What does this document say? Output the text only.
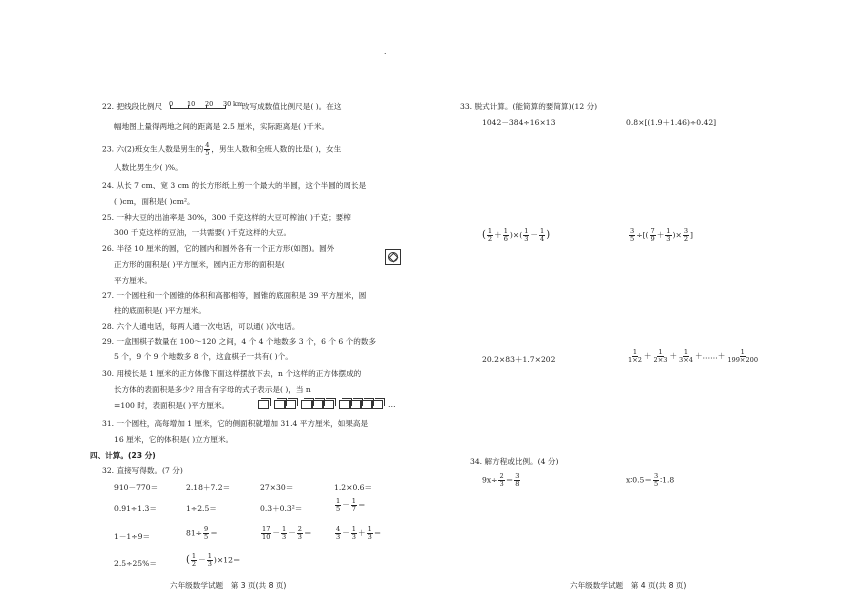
.
22. 把线段比例尺 0	10	20	30 km
改写成数值比例尺是( )。在这
幅地图上量得两地之间的距离是 2.5 厘米，实际距离是( )千米。
23. 六(2)班女生人数是男生的 $\frac{4}{5}$ ，男生人数和全班人数的比是( )，女生
人数比男生少( )%。
24. 从长 7 cm、宽 3 cm 的长方形纸上剪一个最大的半圆，这个半圆的周长是
( )cm，面积是( )cm²。
25. 一种大豆的出油率是 30%，300 千克这样的大豆可榨油( )千克；要榨
300 千克这样的豆油，一共需要( )千克这样的大豆。
26. 半径 10 厘米的圆，它的圆内和圆外各有一个正方形(如图)。圆外
正方形的面积是( )平方厘米，圆内正方形的面积是(
平方厘米。
27. 一个圆柱和一个圆锥的体积和高都相等，圆锥的底面积是 39 平方厘米，圆
柱的底面积是( )平方厘米。
28. 六个人通电话，每两人通一次电话，可以通( )次电话。
29. 一盒围棋子数量在 100～120 之间，4 个 4 个地数多 3 个，6 个 6 个的数多
5 个，9 个 9 个地数多 8 个，这盒棋子一共有( )个。
30. 用棱长是 1 厘米的正方体像下面这样摆放下去，n 个这样的正方体摆成的
长方体的表面积是多少? 用含有字母的式子表示是( )，当 n
=100 时，表面积是( )平方厘米。	…
31. 一个圆柱，高每增加 1 厘米，它的侧面积就增加 31.4 平方厘米，如果高是
16 厘米，它的体积是( )立方厘米。
四、计算。(23 分)
32. 直接写得数。(7 分)
910－770＝	2.18＋7.2＝	27×30＝	1.2×0.6＝
0.91÷1.3＝	1÷2.5＝	0.3＋0.3²＝	$\frac{1}{5} - \frac{1}{7}$ ＝
1－1÷9＝	$81\div \frac{9}{5}$ ＝	$\frac{17}{10} - \frac{1}{3} - \frac{2}{3}$ ＝	$\frac{4}{3} - \frac{1}{3} + \frac{1}{3}$ ＝
2.5÷25%＝	( $\frac{1}{2} - \frac{1}{3} )\times 12=$
六年级数学试题　第 3 页(共 8 页)
33. 脱式计算。(能简算的要简算)(12 分)
1042－384÷16×13	0.8×[(1.9＋1.46)÷0.42]
( $\frac{1}{2} + \frac{1}{6}$ )×( $\frac{1}{3} - \frac{1}{4}$ )	$\frac{3}{5}$ ÷[( $\frac{7}{9} + \frac{1}{3}$ )× $\frac{3}{2}$ ]
20.2×83＋1.7×202	$\frac{1}{1\times 2} + \frac{1}{2\times 3} + \frac{1}{3\times 4}$ ＋……＋ $\frac{1}{199\times 200}$
34. 解方程或比例。(4 分)
$9x\div \frac{2}{3} = \frac{3}{8}$	x∶0.5＝ $\frac{3}{5}$ ∶1.8
六年级数学试题　第 4 页(共 8 页)
